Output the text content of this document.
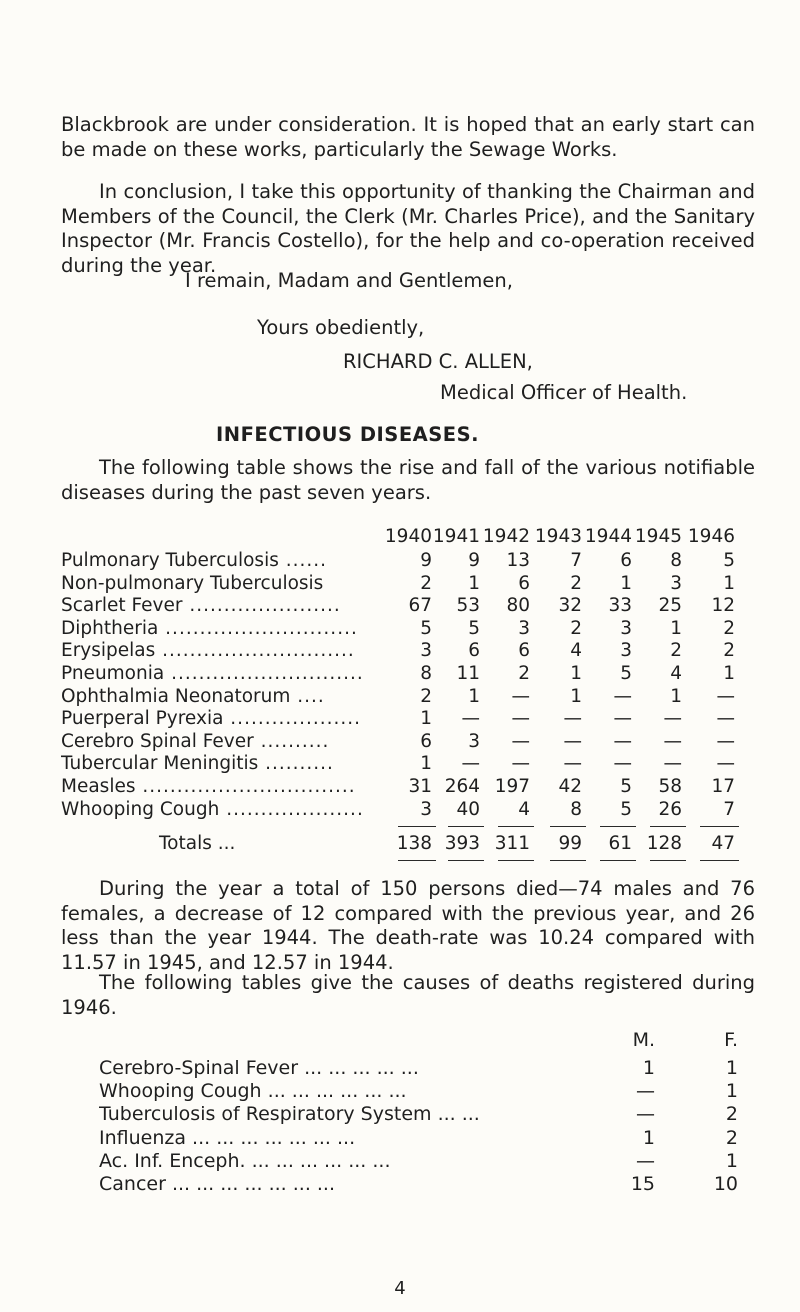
Blackbrook are under consideration. It is hoped that an early start can be made on these works, particularly the Sewage Works.

In conclusion, I take this opportunity of thanking the Chairman and Members of the Council, the Clerk (Mr. Charles Price), and the Sanitary Inspector (Mr. Francis Costello), for the help and co-operation received during the year.

I remain, Madam and Gentlemen,
Yours obediently,
RICHARD C. ALLEN,
Medical Officer of Health.
INFECTIOUS DISEASES.

The following table shows the rise and fall of the various notifiable diseases during the past seven years.

1940 1941 1942 1943 1944 1945 1946
Pulmonary Tuberculosis ......	9	9	13	7	6	8	5
Non-pulmonary Tuberculosis	2	1	6	2	1	3	1
Scarlet Fever ......................	67	53	80	32	33	25	12
Diphtheria ............................	5	5	3	2	3	1	2
Erysipelas ............................	3	6	6	4	3	2	2
Pneumonia ............................	8	11	2	1	5	4	1
Ophthalmia Neonatorum ....	2	1	—	1	—	1	—
Puerperal Pyrexia ...................	1	—	—	—	—	—	—
Cerebro Spinal Fever ..........	6	3	—	—	—	—	—
Tubercular Meningitis ..........	1	—	—	—	—	—	—
Measles ...............................	31 264 197	42	5	58	17
Whooping Cough ....................	3	40	4	8	5	26	7
Totals ...	138 393 311	99	61 128	47

During the year a total of 150 persons died—74 males and 76 females, a decrease of 12 compared with the previous year, and 26 less than the year 1944. The death-rate was 10.24 compared with 11.57 in 1945, and 12.57 in 1944.

The following tables give the causes of deaths registered during 1946.

M.	F.
Cerebro-Spinal Fever ... ... ... ... ...	1	1
Whooping Cough ... ... ... ... ... ...	—	1
Tuberculosis of Respiratory System ... ...	—	2
Influenza ... ... ... ... ... ... ...	1	2
Ac. Inf. Enceph. ... ... ... ... ... ...	—	1
Cancer ... ... ... ... ... ... ...	15	10
4
